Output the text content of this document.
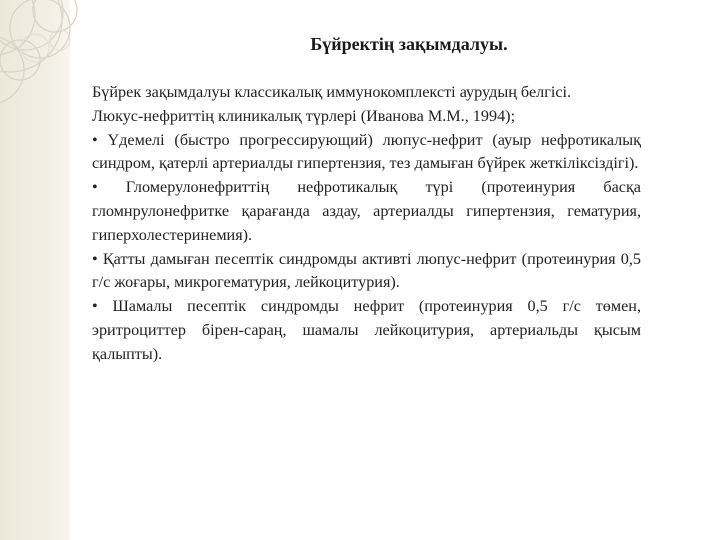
Бүйректің зақымдалуы.

Бүйрек зақымдалуы классикалық иммунокомплексті аурудың белгісі.

Люкус-нефриттің клиникалық түрлері (Иванова М.М., 1994);

• Үдемелі (быстро прогрессирующий) люпус-нефрит (ауыр нефротикалық синдром, қатерлі артериалды гипертензия, тез дамыған бүйрек жеткіліксіздігі).

• Гломерулонефриттің нефротикалық түрі (протеинурия басқа гломнрулонефритке қарағанда аздау, артериалды гипертензия, гематурия, гиперхолестеринемия).

• Қатты дамыған песептік синдромды активті люпус-нефрит (протеинурия 0,5 г/с жоғары, микрогематурия, лейкоцитурия).

• Шамалы песептік синдромды нефрит (протеинурия 0,5 г/с төмен, эритроциттер бірен-сараң, шамалы лейкоцитурия, артериальды қысым қалыпты).
